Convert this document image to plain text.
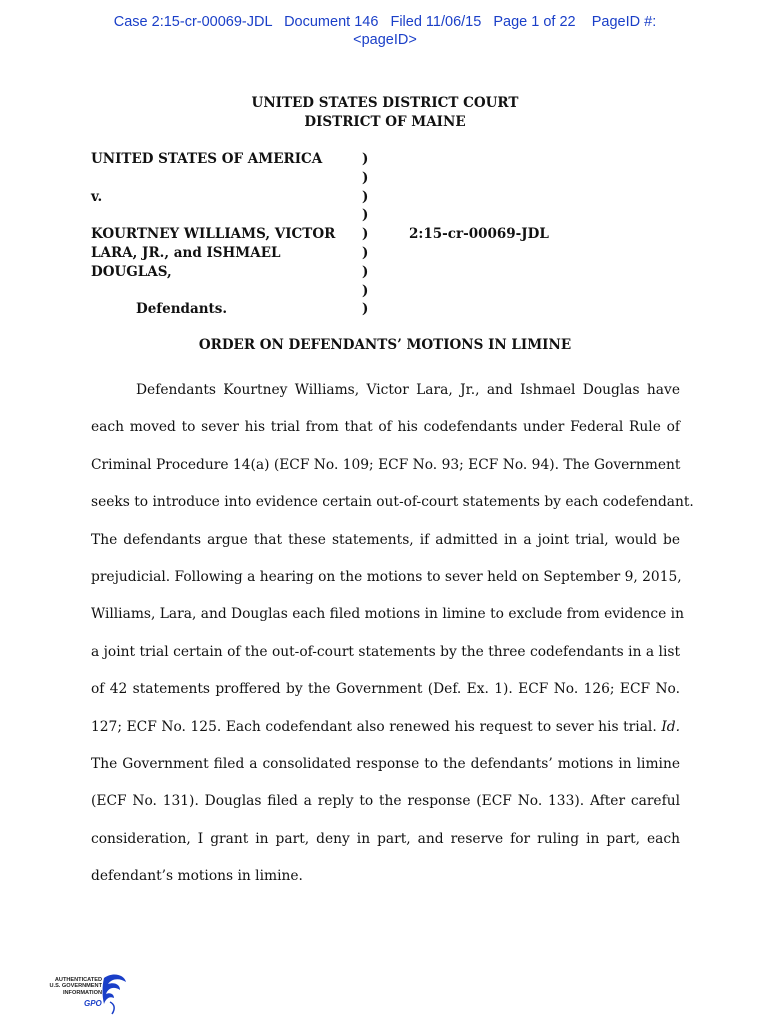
Case 2:15-cr-00069-JDL   Document 146   Filed 11/06/15   Page 1 of 22    PageID #:
<pageID>
UNITED STATES DISTRICT COURT
DISTRICT OF MAINE
UNITED STATES OF AMERICA
v.
KOURTNEY WILLIAMS, VICTOR
LARA, JR., and ISHMAEL
DOUGLAS,
Defendants.
)
)
)
)
)
)
)
)
)
2:15-cr-00069-JDL
ORDER ON DEFENDANTS’ MOTIONS IN LIMINE
Defendants Kourtney Williams, Victor Lara, Jr., and Ishmael Douglas have
each moved to sever his trial from that of his codefendants under Federal Rule of
Criminal Procedure 14(a) (ECF No. 109; ECF No. 93; ECF No. 94). The Government
seeks to introduce into evidence certain out-of-court statements by each codefendant.
The defendants argue that these statements, if admitted in a joint trial, would be
prejudicial. Following a hearing on the motions to sever held on September 9, 2015,
Williams, Lara, and Douglas each filed motions in limine to exclude from evidence in
a joint trial certain of the out-of-court statements by the three codefendants in a list
of 42 statements proffered by the Government (Def. Ex. 1). ECF No. 126; ECF No.
127; ECF No. 125. Each codefendant also renewed his request to sever his trial. Id.
The Government filed a consolidated response to the defendants’ motions in limine
(ECF No. 131). Douglas filed a reply to the response (ECF No. 133). After careful
consideration, I grant in part, deny in part, and reserve for ruling in part, each
defendant’s motions in limine.
AUTHENTICATED
U.S. GOVERNMENT
INFORMATION
GPO
